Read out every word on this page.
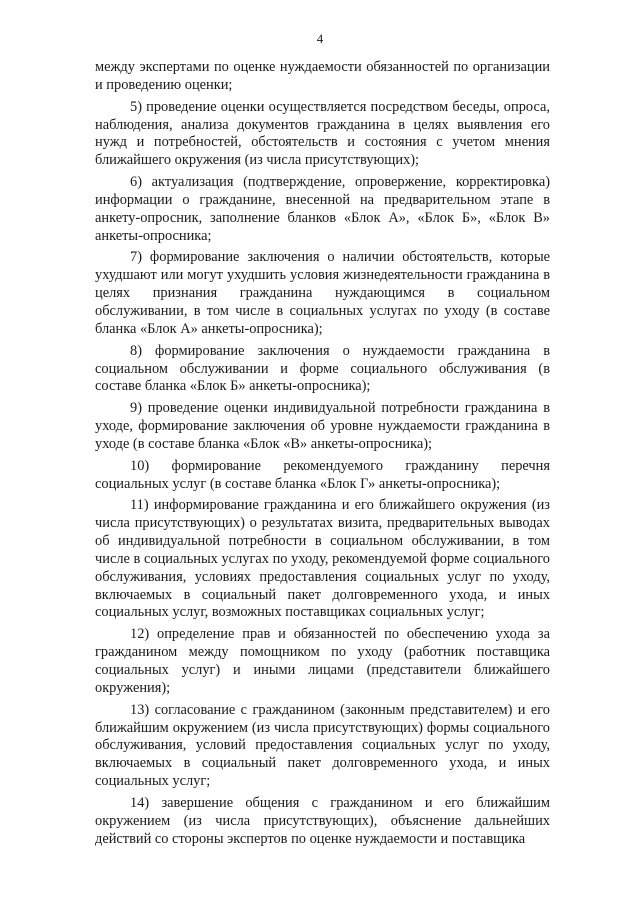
4

между экспертами по оценке нуждаемости обязанностей по организации и проведению оценки;

5) проведение оценки осуществляется посредством беседы, опроса, наблюдения, анализа документов гражданина в целях выявления его нужд и потребностей, обстоятельств и состояния с учетом мнения ближайшего окружения (из числа присутствующих);

6) актуализация (подтверждение, опровержение, корректировка) информации о гражданине, внесенной на предварительном этапе в анкету-опросник, заполнение бланков «Блок А», «Блок Б», «Блок В» анкеты-опросника;

7) формирование заключения о наличии обстоятельств, которые ухудшают или могут ухудшить условия жизнедеятельности гражданина в целях признания гражданина нуждающимся в социальном обслуживании, в том числе в социальных услугах по уходу (в составе бланка «Блок А» анкеты-опросника);

8) формирование заключения о нуждаемости гражданина в социальном обслуживании и форме социального обслуживания (в составе бланка «Блок Б» анкеты-опросника);

9) проведение оценки индивидуальной потребности гражданина в уходе, формирование заключения об уровне нуждаемости гражданина в уходе (в составе бланка «Блок «В» анкеты-опросника);

10) формирование рекомендуемого гражданину перечня социальных услуг (в составе бланка «Блок Г» анкеты-опросника);

11) информирование гражданина и его ближайшего окружения (из числа присутствующих) о результатах визита, предварительных выводах об индивидуальной потребности в социальном обслуживании, в том числе в социальных услугах по уходу, рекомендуемой форме социального обслуживания, условиях предоставления социальных услуг по уходу, включаемых в социальный пакет долговременного ухода, и иных социальных услуг, возможных поставщиках социальных услуг;

12) определение прав и обязанностей по обеспечению ухода за гражданином между помощником по уходу (работник поставщика социальных услуг) и иными лицами (представители ближайшего окружения);

13) согласование с гражданином (законным представителем) и его ближайшим окружением (из числа присутствующих) формы социального обслуживания, условий предоставления социальных услуг по уходу, включаемых в социальный пакет долговременного ухода, и иных социальных услуг;

14) завершение общения с гражданином и его ближайшим окружением (из числа присутствующих), объяснение дальнейших действий со стороны экспертов по оценке нуждаемости и поставщика
